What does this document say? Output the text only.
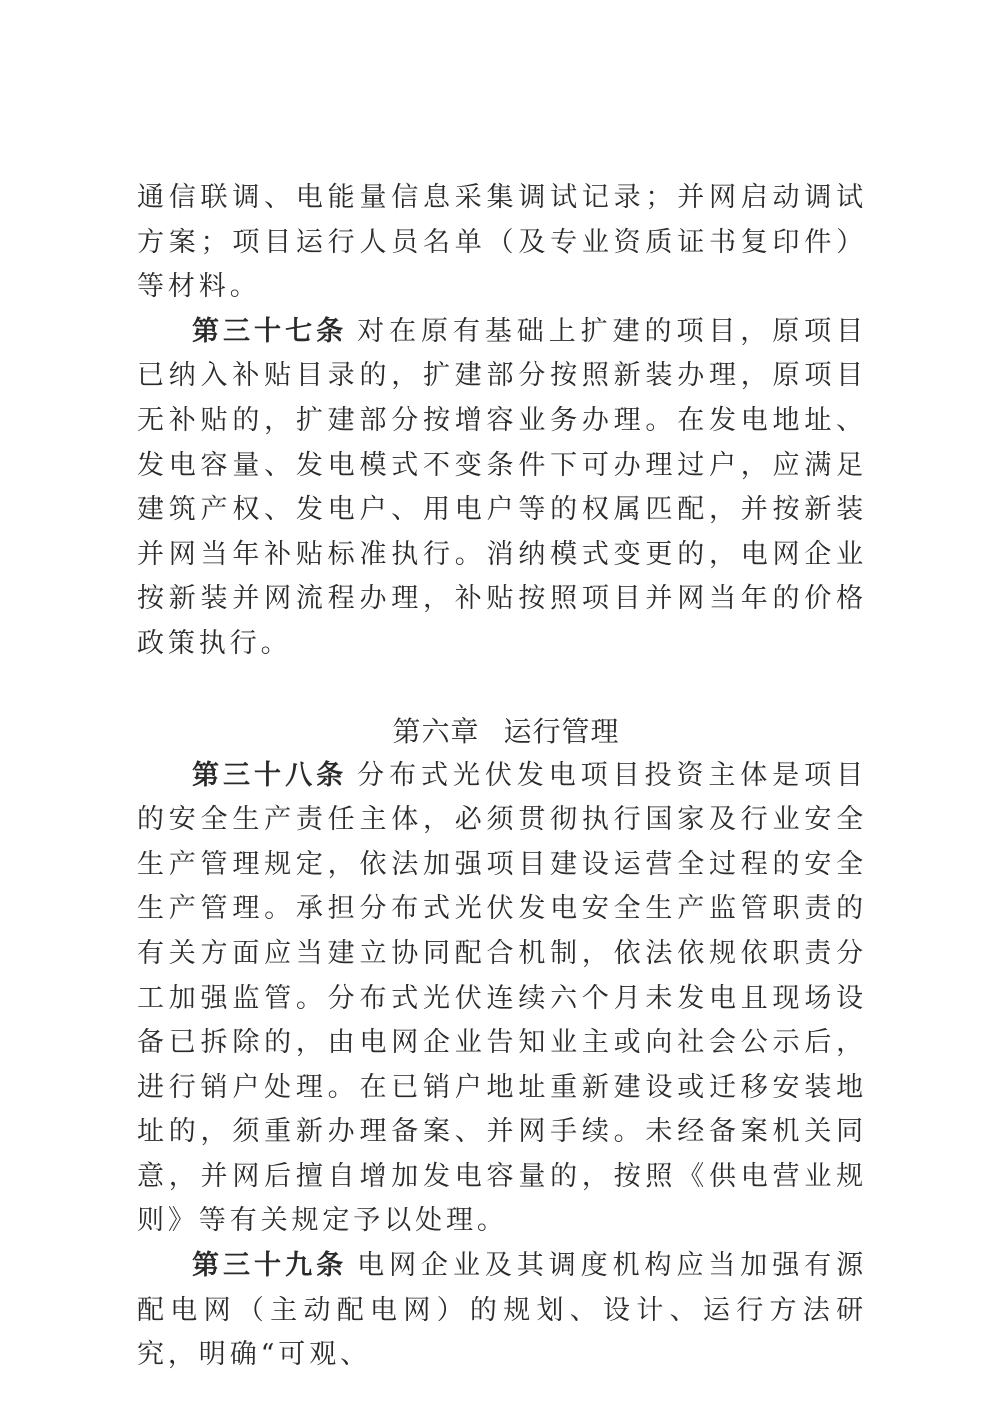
通信联调、电能量信息采集调试记录；并网启动调试方案；项目运行人员名单（及专业资质证书复印件）等材料。

第三十七条 对在原有基础上扩建的项目，原项目已纳入补贴目录的，扩建部分按照新装办理，原项目无补贴的，扩建部分按增容业务办理。在发电地址、发电容量、发电模式不变条件下可办理过户，应满足建筑产权、发电户、用电户等的权属匹配，并按新装并网当年补贴标准执行。消纳模式变更的，电网企业按新装并网流程办理，补贴按照项目并网当年的价格政策执行。

第六章 运行管理

第三十八条 分布式光伏发电项目投资主体是项目的安全生产责任主体，必须贯彻执行国家及行业安全生产管理规定，依法加强项目建设运营全过程的安全生产管理。承担分布式光伏发电安全生产监管职责的有关方面应当建立协同配合机制，依法依规依职责分工加强监管。分布式光伏连续六个月未发电且现场设备已拆除的，由电网企业告知业主或向社会公示后，进行销户处理。在已销户地址重新建设或迁移安装地址的，须重新办理备案、并网手续。未经备案机关同意，并网后擅自增加发电容量的，按照《供电营业规则》等有关规定予以处理。

第三十九条 电网企业及其调度机构应当加强有源配电网（主动配电网）的规划、设计、运行方法研究，明确“可观、
